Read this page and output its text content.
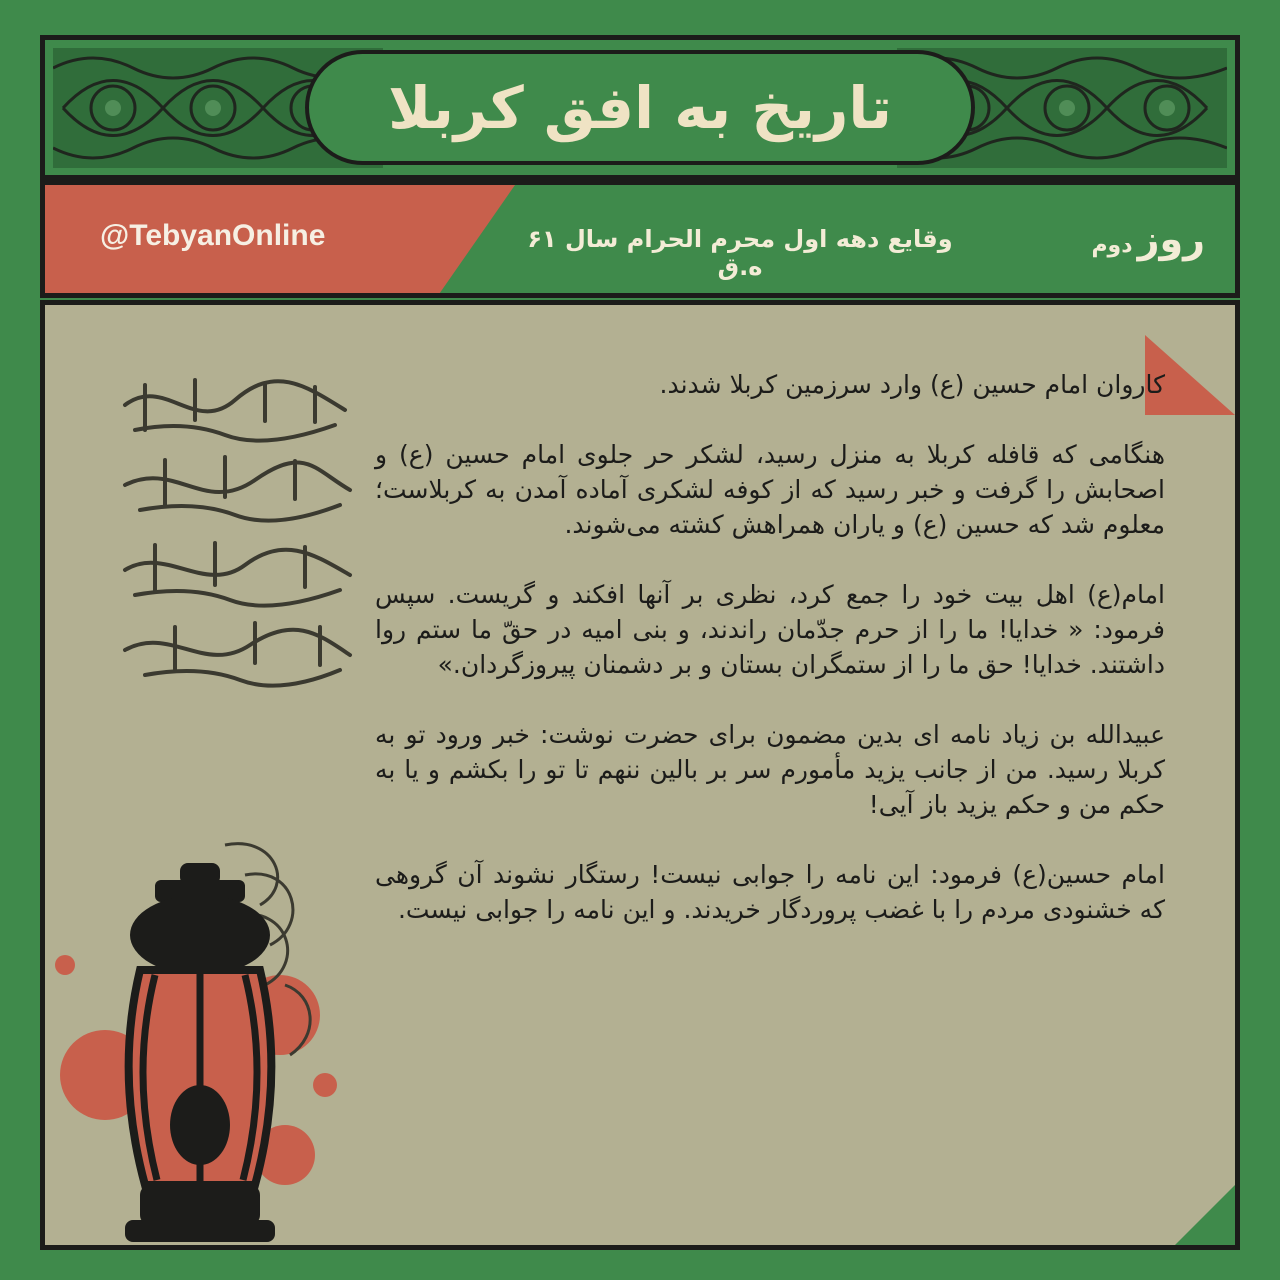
تاریخ به افق کربلا
@TebyanOnline	وقایع دهه اول محرم الحرام سال ۶۱ ه.ق
روز دوم

کاروان امام حسین (ع) وارد سرزمین کربلا شدند.

هنگامی که قافله کربلا به منزل رسید، لشکر حر جلوی امام حسین (ع) و اصحابش را گرفت و خبر رسید که از کوفه لشکری آماده آمدن به کربلاست؛معلوم شد که حسین (ع) و یاران همراهش کشته می‌شوند.

امام(ع) اهل بیت خود را جمع کرد، نظری بر آنها افکند و گریست. سپس فرمود: « خدایا! ما را از حرم جدّمان راندند، و بنی امیه در حقّ ما ستم روا داشتند. خدایا! حق ما را از ستمگران بستان و بر دشمنان پیروزگردان.»

عبیدالله بن زیاد نامه ای بدین مضمون برای حضرت نوشت: خبر ورود تو به کربلا رسید. من از جانب یزید مأمورم سر بر بالین ننهم تا تو را بکشم و یا به حکم من و حکم یزید باز آیی!

امام حسین(ع) فرمود: این نامه را جوابی نیست! رستگار نشوند آن گروهی که خشنودی مردم را با غضب پروردگار خریدند. و این نامه را جوابی نیست.
